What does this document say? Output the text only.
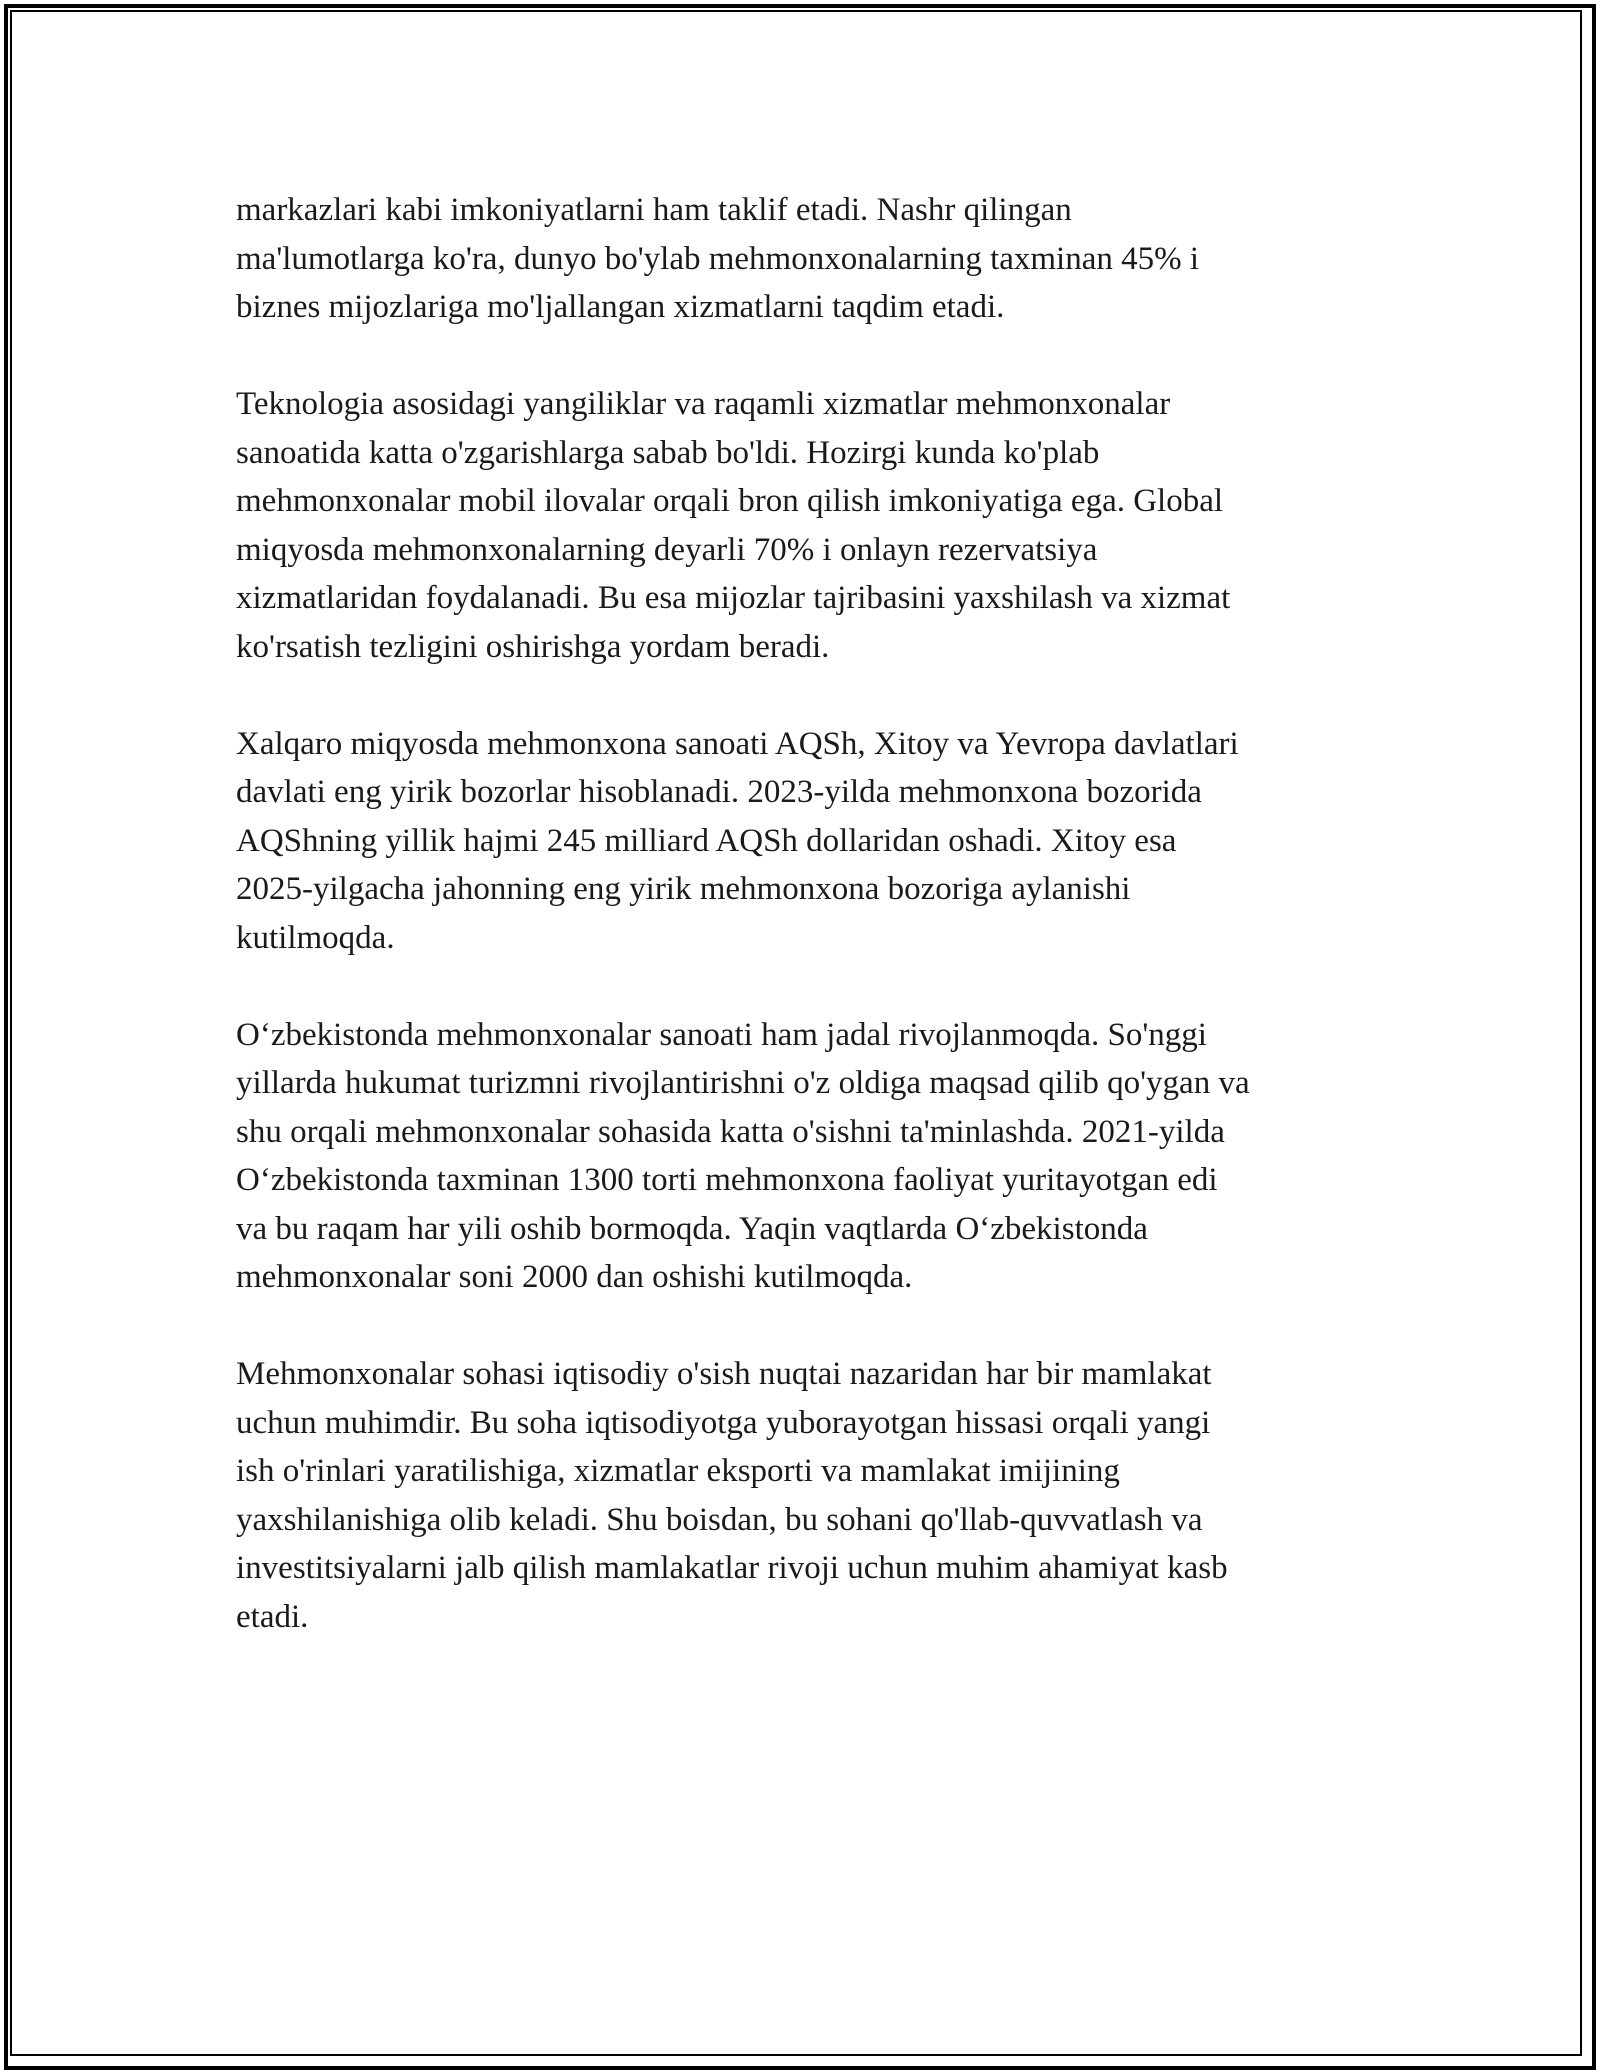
markazlari kabi imkoniyatlarni ham taklif etadi. Nashr qilingan
ma'lumotlarga ko'ra, dunyo bo'ylab mehmonxonalarning taxminan 45% i
biznes mijozlariga mo'ljallangan xizmatlarni taqdim etadi.

Teknologia asosidagi yangiliklar va raqamli xizmatlar mehmonxonalar
sanoatida katta o'zgarishlarga sabab bo'ldi. Hozirgi kunda ko'plab
mehmonxonalar mobil ilovalar orqali bron qilish imkoniyatiga ega. Global
miqyosda mehmonxonalarning deyarli 70% i onlayn rezervatsiya
xizmatlaridan foydalanadi. Bu esa mijozlar tajribasini yaxshilash va xizmat
ko'rsatish tezligini oshirishga yordam beradi.

Xalqaro miqyosda mehmonxona sanoati AQSh, Xitoy va Yevropa davlatlari
davlati eng yirik bozorlar hisoblanadi. 2023-yilda mehmonxona bozorida
AQShning yillik hajmi 245 milliard AQSh dollaridan oshadi. Xitoy esa
2025-yilgacha jahonning eng yirik mehmonxona bozoriga aylanishi
kutilmoqda.

O‘zbekistonda mehmonxonalar sanoati ham jadal rivojlanmoqda. So'nggi
yillarda hukumat turizmni rivojlantirishni o'z oldiga maqsad qilib qo'ygan va
shu orqali mehmonxonalar sohasida katta o'sishni ta'minlashda. 2021-yilda
O‘zbekistonda taxminan 1300 torti mehmonxona faoliyat yuritayotgan edi
va bu raqam har yili oshib bormoqda. Yaqin vaqtlarda O‘zbekistonda
mehmonxonalar soni 2000 dan oshishi kutilmoqda.

Mehmonxonalar sohasi iqtisodiy o'sish nuqtai nazaridan har bir mamlakat
uchun muhimdir. Bu soha iqtisodiyotga yuborayotgan hissasi orqali yangi
ish o'rinlari yaratilishiga, xizmatlar eksporti va mamlakat imijining
yaxshilanishiga olib keladi. Shu boisdan, bu sohani qo'llab-quvvatlash va
investitsiyalarni jalb qilish mamlakatlar rivoji uchun muhim ahamiyat kasb
etadi.
